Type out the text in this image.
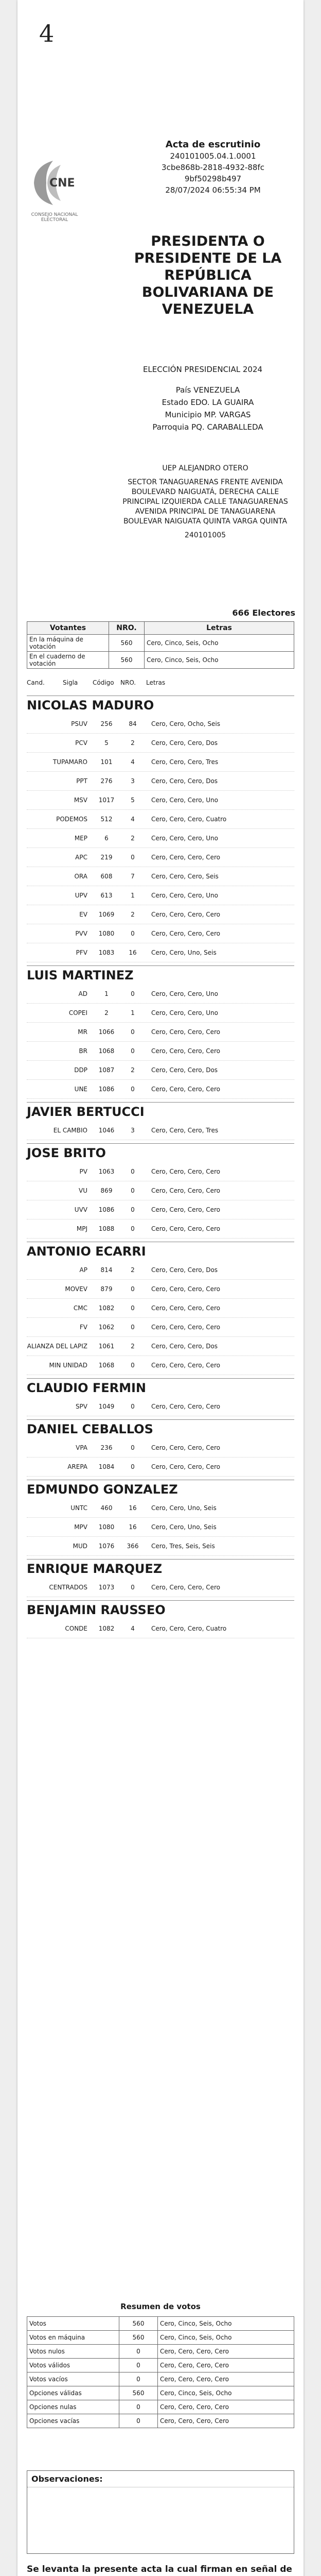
4
CNE
CONSEJO NACIONAL ELECTORAL
Acta de escrutinio
240101005.04.1.0001
3cbe868b-2818-4932-88fc
9bf50298b497
28/07/2024 06:55:34 PM
PRESIDENTA O
PRESIDENTE DE LA
REPÚBLICA
BOLIVARIANA DE
VENEZUELA
ELECCIÓN PRESIDENCIAL 2024
País VENEZUELA
Estado EDO. LA GUAIRA
Municipio MP. VARGAS
Parroquia PQ. CARABALLEDA
UEP ALEJANDRO OTERO
SECTOR TANAGUARENAS FRENTE AVENIDA BOULEVARD NAIGUATÁ, DERECHA CALLE PRINCIPAL IZQUIERDA CALLE TANAGUARENAS AVENIDA PRINCIPAL DE TANAGUARENA BOULEVAR NAIGUATA QUINTA VARGA QUINTA
240101005
666 Electores
Votantes	NRO.	Letras
En la máquina de votación	560	Cero, Cinco, Seis, Ocho
En el cuaderno de votación	560	Cero, Cinco, Seis, Ocho
Cand.	Sigla	Código	NRO.	Letras
NICOLAS MADURO
PSUV	256	84	Cero, Cero, Ocho, Seis
PCV	5	2	Cero, Cero, Cero, Dos
TUPAMARO	101	4	Cero, Cero, Cero, Tres
PPT	276	3	Cero, Cero, Cero, Dos
MSV	1017	5	Cero, Cero, Cero, Uno
PODEMOS	512	4	Cero, Cero, Cero, Cuatro
MEP	6	2	Cero, Cero, Cero, Uno
APC	219	0	Cero, Cero, Cero, Cero
ORA	608	7	Cero, Cero, Cero, Seis
UPV	613	1	Cero, Cero, Cero, Uno
EV	1069	2	Cero, Cero, Cero, Cero
PVV	1080	0	Cero, Cero, Cero, Cero
PFV	1083	16	Cero, Cero, Uno, Seis
LUIS MARTINEZ
AD	1	0	Cero, Cero, Cero, Uno
COPEI	2	1	Cero, Cero, Cero, Uno
MR	1066	0	Cero, Cero, Cero, Cero
BR	1068	0	Cero, Cero, Cero, Cero
DDP	1087	2	Cero, Cero, Cero, Dos
UNE	1086	0	Cero, Cero, Cero, Cero
JAVIER BERTUCCI
EL CAMBIO	1046	3	Cero, Cero, Cero, Tres
JOSE BRITO
PV	1063	0	Cero, Cero, Cero, Cero
VU	869	0	Cero, Cero, Cero, Cero
UVV	1086	0	Cero, Cero, Cero, Cero
MPJ	1088	0	Cero, Cero, Cero, Cero
ANTONIO ECARRI
AP	814	2	Cero, Cero, Cero, Dos
MOVEV	879	0	Cero, Cero, Cero, Cero
CMC	1082	0	Cero, Cero, Cero, Cero
FV	1062	0	Cero, Cero, Cero, Cero
ALIANZA DEL LAPIZ	1061	2	Cero, Cero, Cero, Dos
MIN UNIDAD	1068	0	Cero, Cero, Cero, Cero
CLAUDIO FERMIN
SPV	1049	0	Cero, Cero, Cero, Cero
DANIEL CEBALLOS
VPA	236	0	Cero, Cero, Cero, Cero
AREPA	1084	0	Cero, Cero, Cero, Cero
EDMUNDO GONZALEZ
UNTC	460	16	Cero, Cero, Uno, Seis
MPV	1080	16	Cero, Cero, Uno, Seis
MUD	1076	366	Cero, Tres, Seis, Seis
ENRIQUE MARQUEZ
CENTRADOS	1073	0	Cero, Cero, Cero, Cero
BENJAMIN RAUSSEO
CONDE	1082	4	Cero, Cero, Cero, Cuatro
Resumen de votos
Votos	560	Cero, Cinco, Seis, Ocho
Votos en máquina	560	Cero, Cinco, Seis, Ocho
Votos nulos	0	Cero, Cero, Cero, Cero
Votos válidos	0	Cero, Cero, Cero, Cero
Votos vacíos	0	Cero, Cero, Cero, Cero
Opciones válidas	560	Cero, Cinco, Seis, Ocho
Opciones nulas	0	Cero, Cero, Cero, Cero
Opciones vacías	0	Cero, Cero, Cero, Cero
Observaciones:
Se levanta la presente acta la cual firman en señal de
